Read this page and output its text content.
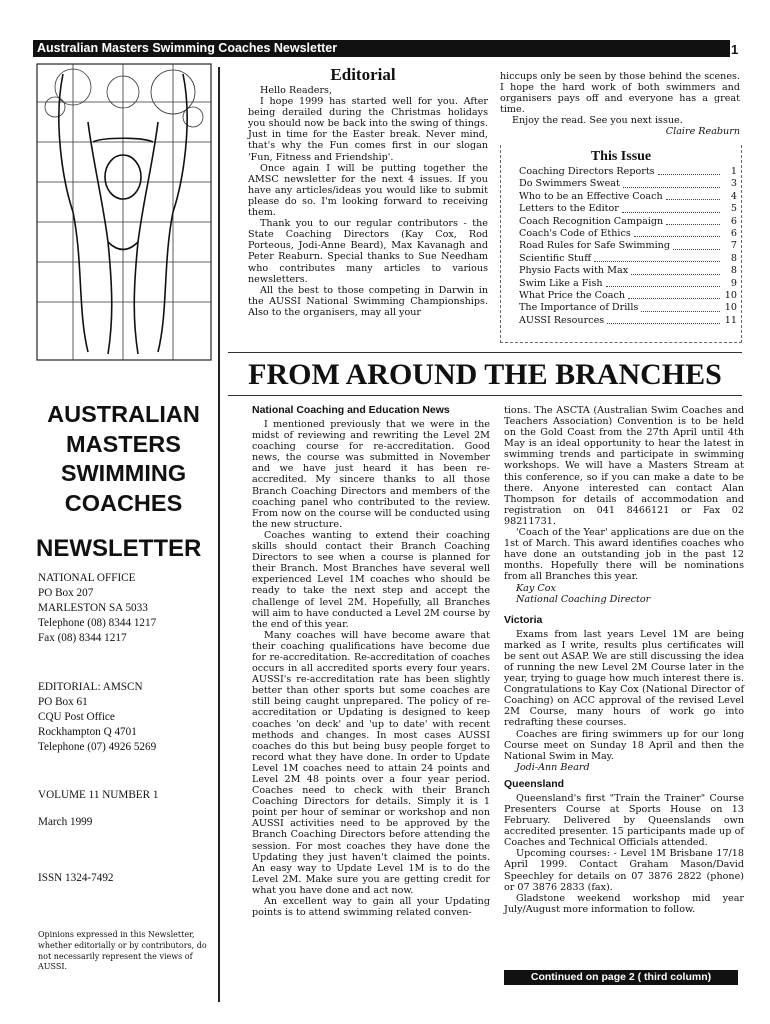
Australian Masters Swimming Coaches Newsletter	1
AUSTRALIAN
MASTERS
SWIMMING
COACHES
NEWSLETTER
NATIONAL OFFICE
PO Box 207
MARLESTON SA 5033
Telephone (08) 8344 1217
Fax (08) 8344 1217
EDITORIAL: AMSCN
PO Box 61
CQU Post Office
Rockhampton Q 4701
Telephone (07) 4926 5269
VOLUME 11 NUMBER 1
March 1999
ISSN 1324-7492
Opinions expressed in this Newsletter, whether editorially or by contributors, do not necessarily represent the views of AUSSI.
Editorial

Hello Readers,

I hope 1999 has started well for you. After being derailed during the Christmas holidays you should now be back into the swing of things. Just in time for the Easter break. Never mind, that's why the Fun comes first in our slogan 'Fun, Fitness and Friendship'.

Once again I will be putting together the AMSC newsletter for the next 4 issues. If you have any articles/ideas you would like to submit please do so. I'm looking forward to receiving them.

Thank you to our regular contributors - the State Coaching Directors (Kay Cox, Rod Porteous, Jodi-Anne Beard), Max Kavanagh and Peter Reaburn. Special thanks to Sue Needham who contributes many articles to various newsletters.

All the best to those competing in Darwin in the AUSSI National Swimming Championships. Also to the organisers, may all your

hiccups only be seen by those behind the scenes. I hope the hard work of both swimmers and organisers pays off and everyone has a great time.

Enjoy the read. See you next issue.

Claire Reaburn
This Issue
Coaching Directors Reports	1
Do Swimmers Sweat	3
Who to be an Effective Coach	4
Letters to the Editor	5
Coach Recognition Campaign	6
Coach's Code of Ethics	6
Road Rules for Safe Swimming	7
Scientific Stuff	8
Physio Facts with Max	8
Swim Like a Fish	9
What Price the Coach	10
The Importance of Drills	10
AUSSI Resources	11
FROM AROUND THE BRANCHES
National Coaching and Education News

I mentioned previously that we were in the midst of reviewing and rewriting the Level 2M coaching course for re-accreditation. Good news, the course was submitted in November and we have just heard it has been re-accredited. My sincere thanks to all those Branch Coaching Directors and members of the coaching panel who contributed to the review. From now on the course will be conducted using the new structure.

Coaches wanting to extend their coaching skills should contact their Branch Coaching Directors to see when a course is planned for their Branch. Most Branches have several well experienced Level 1M coaches who should be ready to take the next step and accept the challenge of level 2M. Hopefully, all Branches will aim to have conducted a Level 2M course by the end of this year.

Many coaches will have become aware that their coaching qualifications have become due for re-accreditation. Re-accreditation of coaches occurs in all accredited sports every four years. AUSSI's re-accreditation rate has been slightly better than other sports but some coaches are still being caught unprepared. The policy of re-accreditation or Updating is designed to keep coaches 'on deck' and 'up to date' with recent methods and changes. In most cases AUSSI coaches do this but being busy people forget to record what they have done. In order to Update Level 1M coaches need to attain 24 points and Level 2M 48 points over a four year period. Coaches need to check with their Branch Coaching Directors for details. Simply it is 1 point per hour of seminar or workshop and non AUSSI activities need to be approved by the Branch Coaching Directors before attending the session. For most coaches they have done the Updating they just haven't claimed the points. An easy way to Update Level 1M is to do the Level 2M. Make sure you are getting credit for what you have done and act now.

An excellent way to gain all your Updating points is to attend swimming related conven-

tions. The ASCTA (Australian Swim Coaches and Teachers Association) Convention is to be held on the Gold Coast from the 27th April until 4th May is an ideal opportunity to hear the latest in swimming trends and participate in swimming workshops. We will have a Masters Stream at this conference, so if you can make a date to be there. Anyone interested can contact Alan Thompson for details of accommodation and registration on 041 8466121 or Fax 02 98211731.

'Coach of the Year' applications are due on the 1st of March. This award identifies coaches who have done an outstanding job in the past 12 months. Hopefully there will be nominations from all Branches this year.

Kay Cox
National Coaching Director
Victoria

Exams from last years Level 1M are being marked as I write, results plus certificates will be sent out ASAP. We are still discussing the idea of running the new Level 2M Course later in the year, trying to guage how much interest there is. Congratulations to Kay Cox (National Director of Coaching) on ACC approval of the revised Level 2M Course, many hours of work go into redrafting these courses.

Coaches are firing swimmers up for our long Course meet on Sunday 18 April and then the National Swim in May.

Jodi-Ann Beard
Queensland

Queensland's first "Train the Trainer" Course Presenters Course at Sports House on 13 February. Delivered by Queenslands own accredited presenter. 15 participants made up of Coaches and Technical Officials attended.

Upcoming courses: - Level 1M Brisbane 17/18 April 1999. Contact Graham Mason/David Speechley for details on 07 3876 2822 (phone) or 07 3876 2833 (fax).

Gladstone weekend workshop mid year July/August more information to follow.

Continued on page 2 ( third column)
